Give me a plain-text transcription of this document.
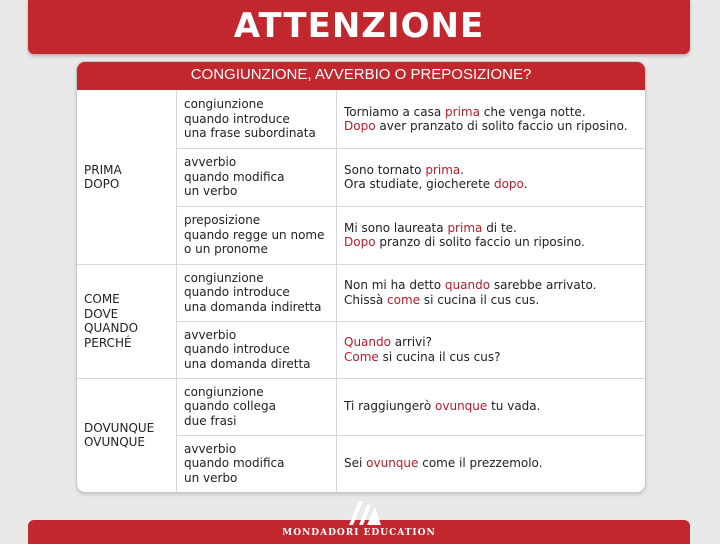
ATTENZIONE
CONGIUNZIONE, AVVERBIO O PREPOSIZIONE?
PRIMA
DOPO
COME
DOVE
QUANDO
PERCHÉ
DOVUNQUE
OVUNQUE
congiunzione
quando introduce
una frase subordinata
Torniamo a casa prima che venga notte.
Dopo aver pranzato di solito faccio un riposino.
avverbio
quando modifica
un verbo
Sono tornato prima.
Ora studiate, giocherete dopo.
preposizione
quando regge un nome
o un pronome
Mi sono laureata prima di te.
Dopo pranzo di solito faccio un riposino.
congiunzione
quando introduce
una domanda indiretta
Non mi ha detto quando sarebbe arrivato.
Chissà come si cucina il cus cus.
avverbio
quando introduce
una domanda diretta
Quando arrivi?
Come si cucina il cus cus?
congiunzione
quando collega
due frasi
Ti raggiungerò ovunque tu vada.
avverbio
quando modifica
un verbo
Sei ovunque come il prezzemolo.
MONDADORI EDUCATION
